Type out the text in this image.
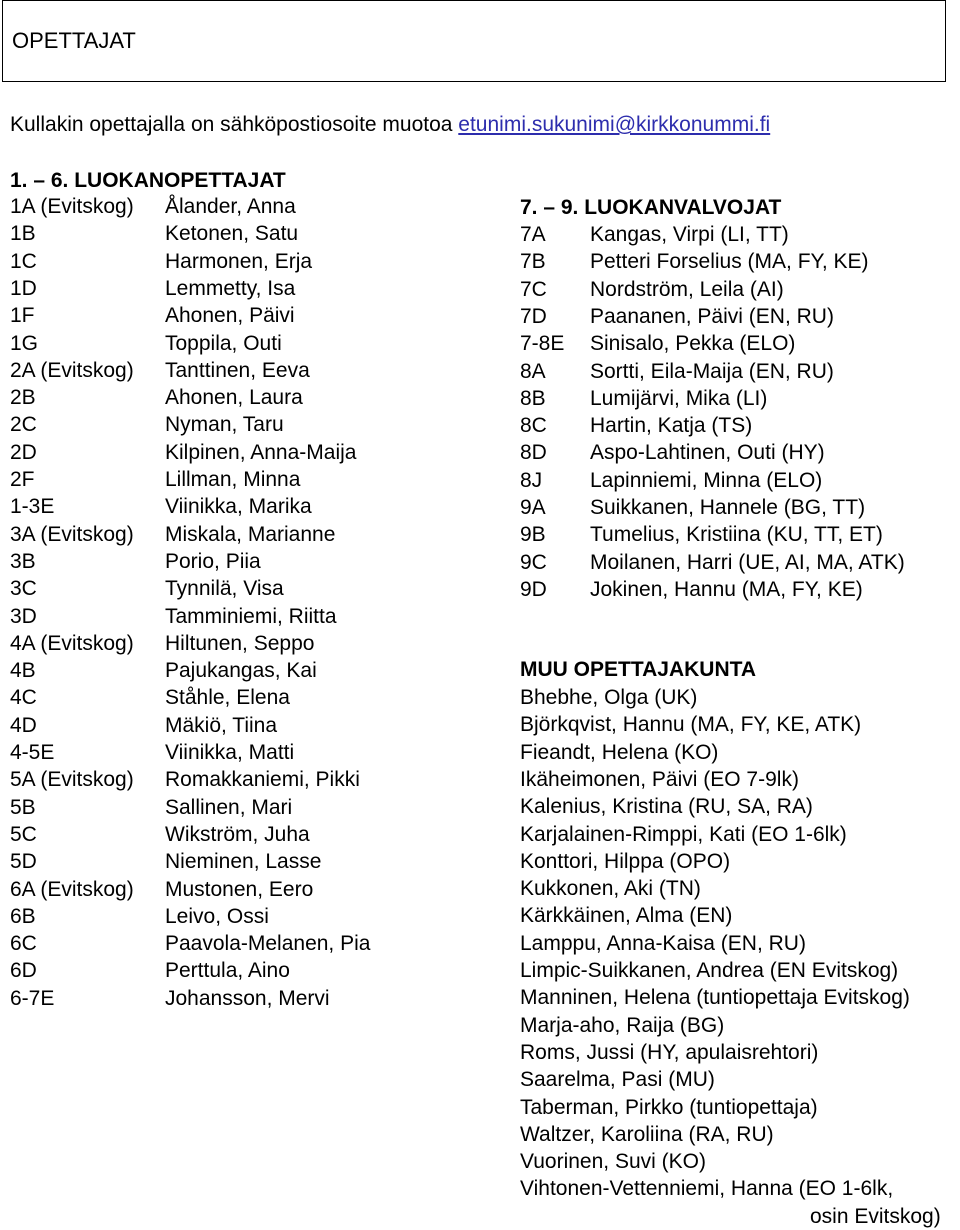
OPETTAJAT
Kullakin opettajalla on sähköpostiosoite muotoa etunimi.sukunimi@kirkkonummi.fi
1. – 6. LUOKANOPETTAJAT
1A (Evitskog) Ålander, Anna
1B	Ketonen, Satu
1C	Harmonen, Erja
1D	Lemmetty, Isa
1F	Ahonen, Päivi
1G	Toppila, Outi
2A (Evitskog) Tanttinen, Eeva
2B	Ahonen, Laura
2C	Nyman, Taru
2D	Kilpinen, Anna-Maija
2F	Lillman, Minna
1-3E	Viinikka, Marika
3A (Evitskog) Miskala, Marianne
3B	Porio, Piia
3C	Tynnilä, Visa
3D	Tamminiemi, Riitta
4A (Evitskog) Hiltunen, Seppo
4B	Pajukangas, Kai
4C	Ståhle, Elena
4D	Mäkiö, Tiina
4-5E	Viinikka, Matti
5A (Evitskog) Romakkaniemi, Pikki
5B	Sallinen, Mari
5C	Wikström, Juha
5D	Nieminen, Lasse
6A (Evitskog) Mustonen, Eero
6B	Leivo, Ossi
6C	Paavola-Melanen, Pia
6D	Perttula, Aino
6-7E	Johansson, Mervi
7. – 9. LUOKANVALVOJAT
7A Kangas, Virpi (LI, TT)
7B Petteri Forselius (MA, FY, KE)
7C Nordström, Leila (AI)
7D Paananen, Päivi (EN, RU)
7-8E Sinisalo, Pekka (ELO)
8A Sortti, Eila-Maija (EN, RU)
8B Lumijärvi, Mika (LI)
8C Hartin, Katja (TS)
8D Aspo-Lahtinen, Outi (HY)
8J Lapinniemi, Minna (ELO)
9A Suikkanen, Hannele (BG, TT)
9B Tumelius, Kristiina (KU, TT, ET)
9C Moilanen, Harri (UE, AI, MA, ATK)
9D Jokinen, Hannu (MA, FY, KE)
MUU OPETTAJAKUNTA
Bhebhe, Olga (UK)
Björkqvist, Hannu (MA, FY, KE, ATK)
Fieandt, Helena (KO)
Ikäheimonen, Päivi (EO 7-9lk)
Kalenius, Kristina (RU, SA, RA)
Karjalainen-Rimppi, Kati (EO 1-6lk)
Konttori, Hilppa (OPO)
Kukkonen, Aki (TN)
Kärkkäinen, Alma (EN)
Lamppu, Anna-Kaisa (EN, RU)
Limpic-Suikkanen, Andrea (EN Evitskog)
Manninen, Helena (tuntiopettaja Evitskog)
Marja-aho, Raija (BG)
Roms, Jussi (HY, apulaisrehtori)
Saarelma, Pasi (MU)
Taberman, Pirkko (tuntiopettaja)
Waltzer, Karoliina (RA, RU)
Vuorinen, Suvi (KO)
Vihtonen-Vettenniemi, Hanna (EO 1-6lk,
osin Evitskog)
